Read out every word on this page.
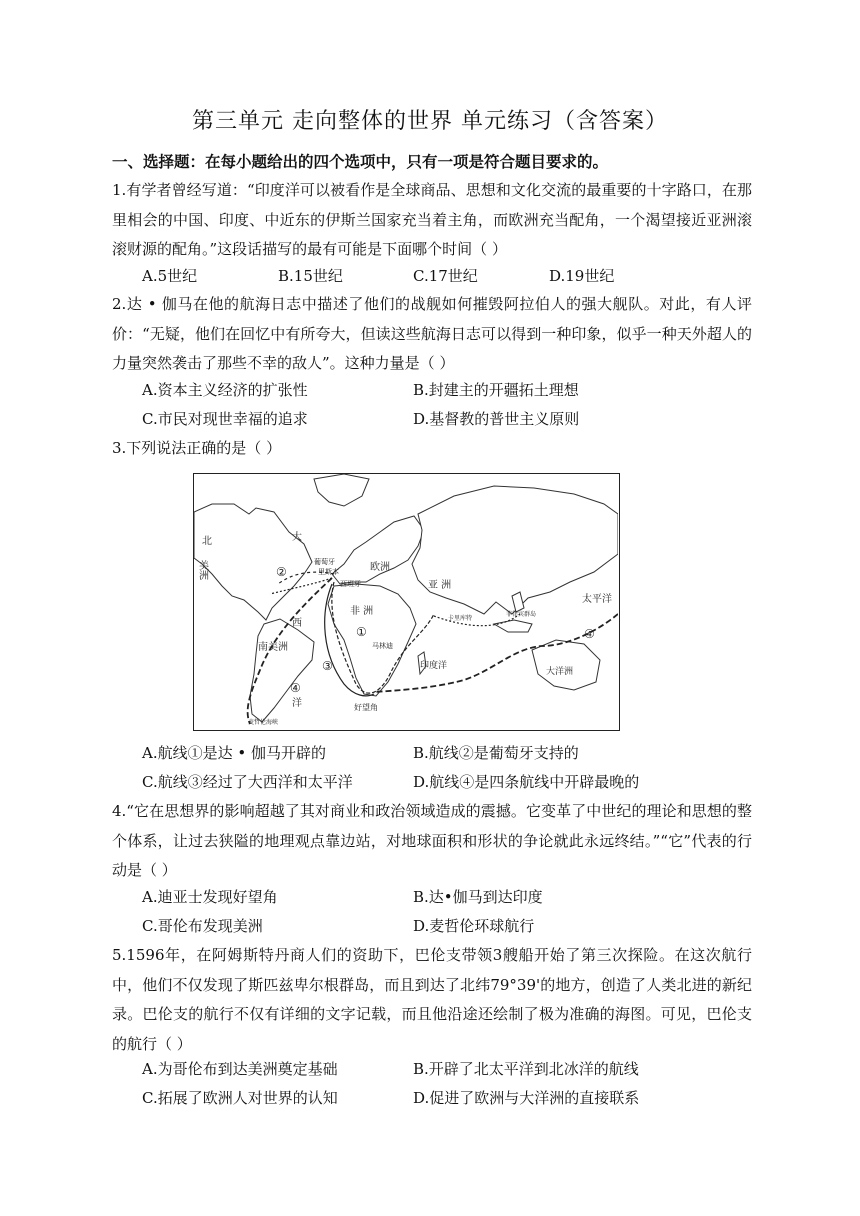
第三单元 走向整体的世界 单元练习（含答案）
一、选择题：在每小题给出的四个选项中，只有一项是符合题目要求的。
1.有学者曾经写道：“印度洋可以被看作是全球商品、思想和文化交流的最重要的十字路口，在那里相会的中国、印度、中近东的伊斯兰国家充当着主角，而欧洲充当配角，一个渴望接近亚洲滚滚财源的配角。”这段话描写的最有可能是下面哪个时间（ ）
A.5世纪	B.15世纪	C.17世纪	D.19世纪
2.达 • 伽马在他的航海日志中描述了他们的战舰如何摧毁阿拉伯人的强大舰队。对此，有人评价：“无疑，他们在回忆中有所夸大，但读这些航海日志可以得到一种印象，似乎一种天外超人的力量突然袭击了那些不幸的敌人”。这种力量是（ ）
A.资本主义经济的扩张性	B.封建主的开疆拓土理想
C.市民对现世幸福的追求	D.基督教的普世主义原则
3.下列说法正确的是（ ）
北
美洲
大
欧洲
葡萄牙
里斯本
西班牙	亚 洲
非 洲
西
南美洲
洋
马林迪
印度洋
卡里库特
菲律宾群岛
太平洋
大洋洲
好望角
麦哲伦海峡
①
②
③
④
④
A.航线①是达 • 伽马开辟的	B.航线②是葡萄牙支持的
C.航线③经过了大西洋和太平洋	D.航线④是四条航线中开辟最晚的
4.“它在思想界的影响超越了其对商业和政治领域造成的震撼。它变革了中世纪的理论和思想的整个体系，让过去狭隘的地理观点靠边站，对地球面积和形状的争论就此永远终结。”“它”代表的行动是（ ）
A.迪亚士发现好望角	B.达•伽马到达印度
C.哥伦布发现美洲	D.麦哲伦环球航行
5.1596年，在阿姆斯特丹商人们的资助下，巴伦支带领3艘船开始了第三次探险。在这次航行中，他们不仅发现了斯匹兹卑尔根群岛，而且到达了北纬79°39'的地方，创造了人类北进的新纪录。巴伦支的航行不仅有详细的文字记载，而且他沿途还绘制了极为准确的海图。可见，巴伦支的航行（ ）
A.为哥伦布到达美洲奠定基础	B.开辟了北太平洋到北冰洋的航线
C.拓展了欧洲人对世界的认知	D.促进了欧洲与大洋洲的直接联系
